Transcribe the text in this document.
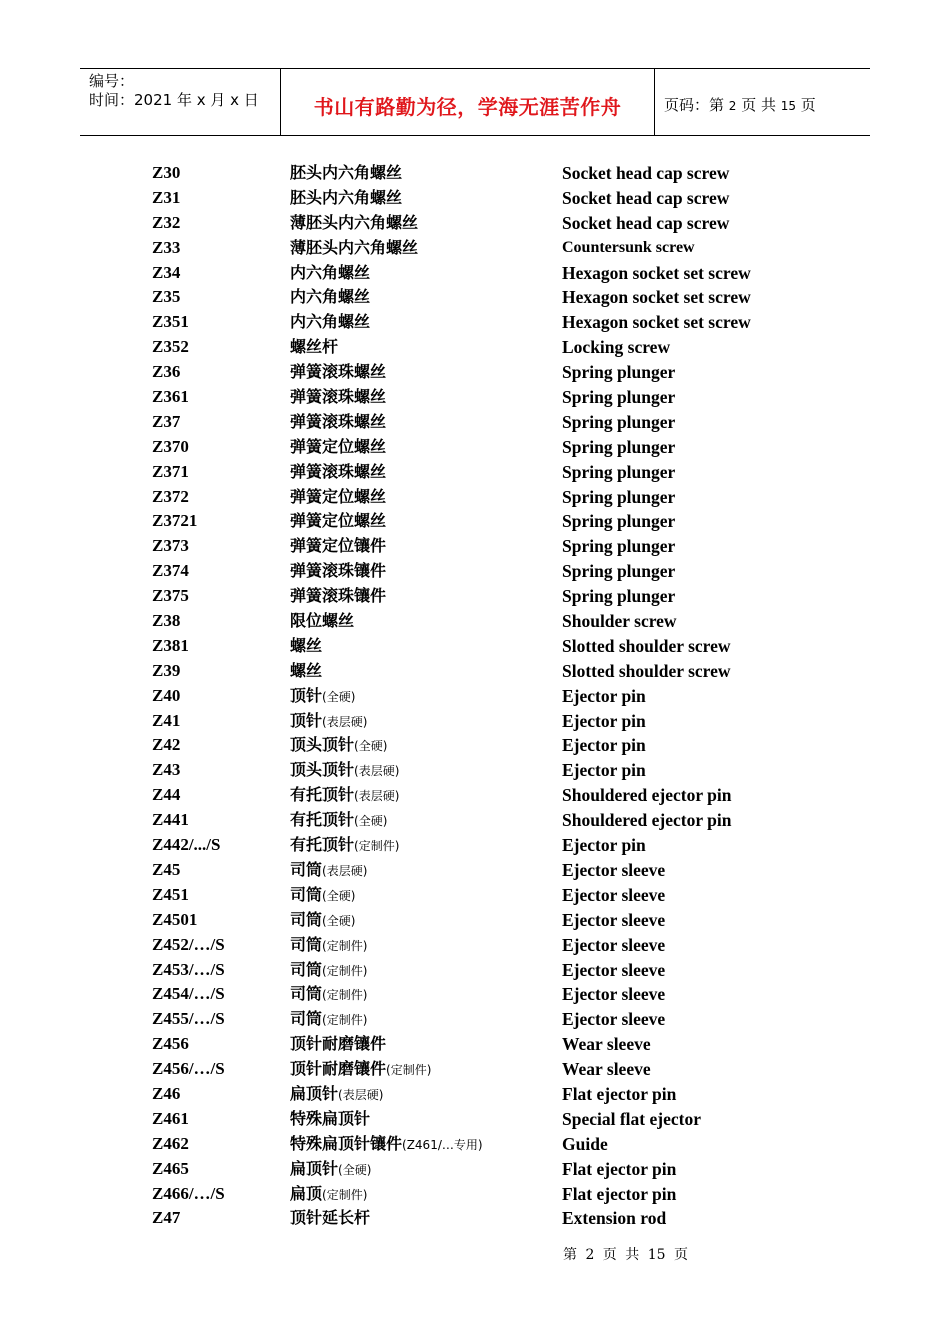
编号：
时间：2021 年 x 月 x 日	书山有路勤为径，学海无涯苦作舟	页码：第 2 页 共 15 页
Z30	胚头内六角螺丝	Socket head cap screw
Z31	胚头内六角螺丝	Socket head cap screw
Z32	薄胚头内六角螺丝	Socket head cap screw
Z33	薄胚头内六角螺丝	Countersunk screw
Z34	内六角螺丝	Hexagon socket set screw
Z35	内六角螺丝	Hexagon socket set screw
Z351	内六角螺丝	Hexagon socket set screw
Z352	螺丝杆	Locking screw
Z36	弹簧滚珠螺丝	Spring plunger
Z361	弹簧滚珠螺丝	Spring plunger
Z37	弹簧滚珠螺丝	Spring plunger
Z370	弹簧定位螺丝	Spring plunger
Z371	弹簧滚珠螺丝	Spring plunger
Z372	弹簧定位螺丝	Spring plunger
Z3721	弹簧定位螺丝	Spring plunger
Z373	弹簧定位镶件	Spring plunger
Z374	弹簧滚珠镶件	Spring plunger
Z375	弹簧滚珠镶件	Spring plunger
Z38	限位螺丝	Shoulder screw
Z381	螺丝	Slotted shoulder screw
Z39	螺丝	Slotted shoulder screw
Z40	顶针(全硬)	Ejector pin
Z41	顶针(表层硬)	Ejector pin
Z42	顶头顶针(全硬)	Ejector pin
Z43	顶头顶针(表层硬)	Ejector pin
Z44	有托顶针(表层硬)	Shouldered ejector pin
Z441	有托顶针(全硬)	Shouldered ejector pin
Z442/.../S	有托顶针(定制件)	Ejector pin
Z45	司筒(表层硬)	Ejector sleeve
Z451	司筒(全硬)	Ejector sleeve
Z4501	司筒(全硬)	Ejector sleeve
Z452/…/S	司筒(定制件)	Ejector sleeve
Z453/…/S	司筒(定制件)	Ejector sleeve
Z454/…/S	司筒(定制件)	Ejector sleeve
Z455/…/S	司筒(定制件)	Ejector sleeve
Z456	顶针耐磨镶件	Wear sleeve
Z456/…/S	顶针耐磨镶件(定制件)	Wear sleeve
Z46	扁顶针(表层硬)	Flat ejector pin
Z461	特殊扁顶针	Special flat ejector
Z462	特殊扁顶针镶件(Z461/…专用)	Guide
Z465	扁顶针(全硬)	Flat ejector pin
Z466/…/S	扁顶(定制件)	Flat ejector pin
Z47	顶针延长杆	Extension rod
第 2 页 共 15 页
